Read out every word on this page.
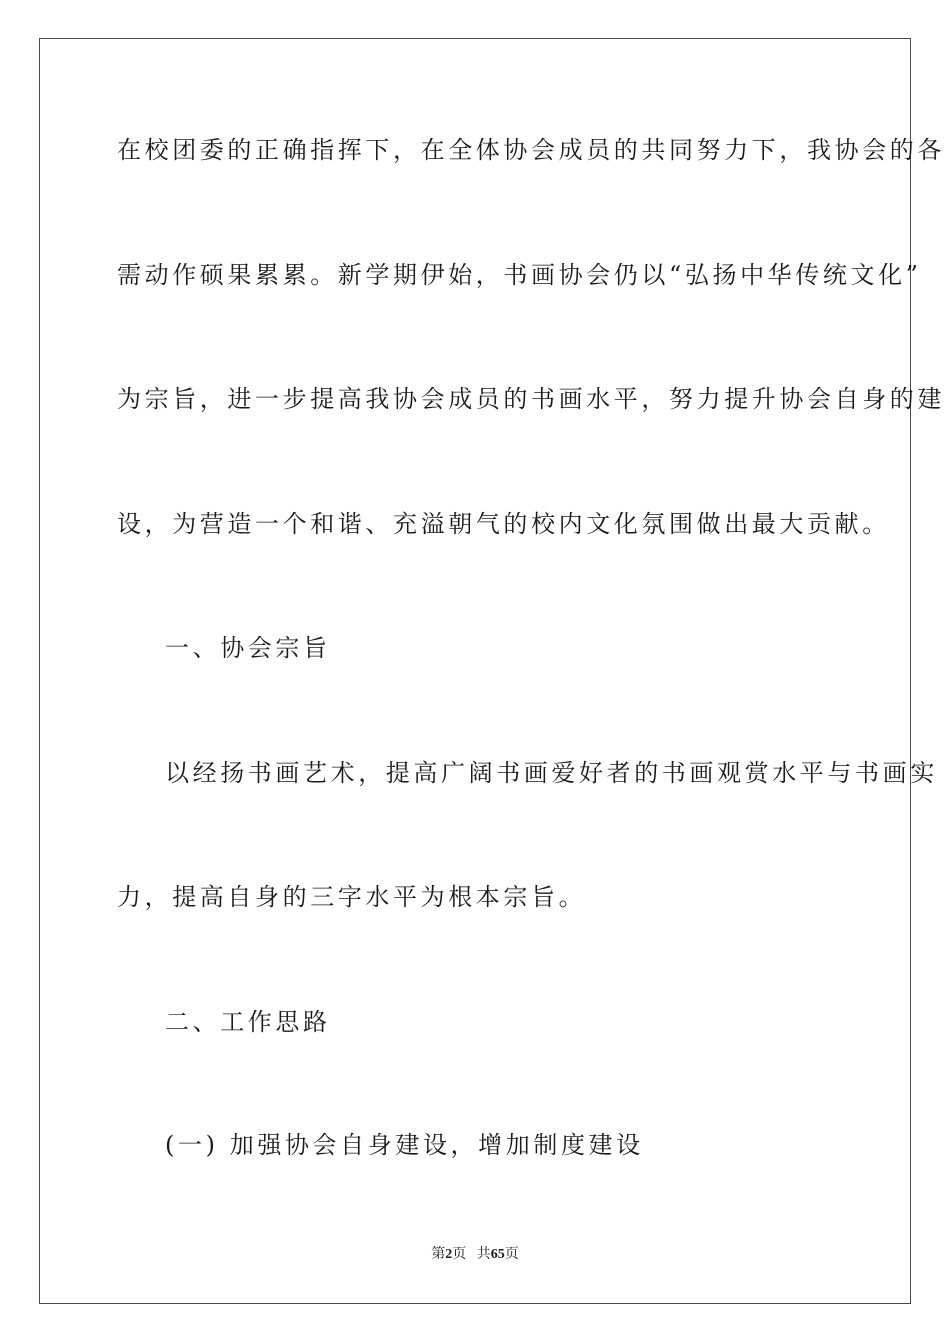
在校团委的正确指挥下，在全体协会成员的共同努力下，我协会的各
需动作硕果累累。新学期伊始，书画协会仍以“弘扬中华传统文化”
为宗旨，进一步提高我协会成员的书画水平，努力提升协会自身的建
设，为营造一个和谐、充溢朝气的校内文化氛围做出最大贡献。
一、协会宗旨
以经扬书画艺术，提高广阔书画爱好者的书画观赏水平与书画实
力，提高自身的三字水平为根本宗旨。
二、工作思路
(一) 加强协会自身建设，增加制度建设
第2页 共65页
